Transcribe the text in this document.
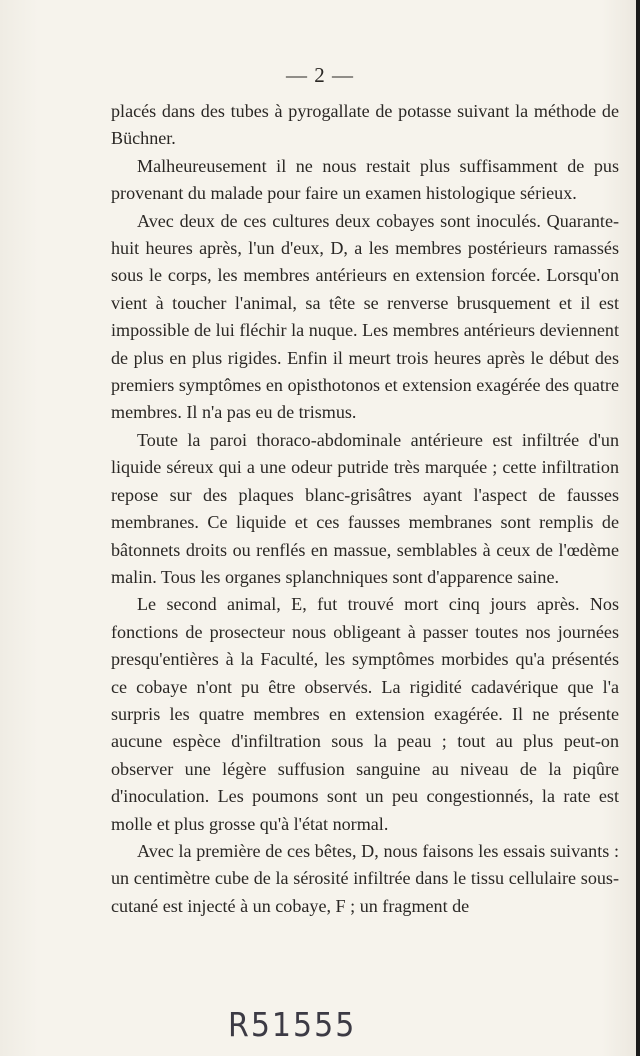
— 2 —

placés dans des tubes à pyrogallate de potasse suivant la méthode de Büchner.

Malheureusement il ne nous restait plus suffisamment de pus provenant du malade pour faire un examen histologique sérieux.

Avec deux de ces cultures deux cobayes sont inoculés. Quarante-huit heures après, l'un d'eux, D, a les membres postérieurs ramassés sous le corps, les membres antérieurs en extension forcée. Lorsqu'on vient à toucher l'animal, sa tête se renverse brusquement et il est impossible de lui fléchir la nuque. Les membres antérieurs deviennent de plus en plus rigides. Enfin il meurt trois heures après le début des premiers symptômes en opisthotonos et extension exagérée des quatre membres. Il n'a pas eu de trismus.

Toute la paroi thoraco-abdominale antérieure est infiltrée d'un liquide séreux qui a une odeur putride très marquée ; cette infiltration repose sur des plaques blanc-grisâtres ayant l'aspect de fausses membranes. Ce liquide et ces fausses membranes sont remplis de bâtonnets droits ou renflés en massue, semblables à ceux de l'œdème malin. Tous les organes splanchniques sont d'apparence saine.

Le second animal, E, fut trouvé mort cinq jours après. Nos fonctions de prosecteur nous obligeant à passer toutes nos journées presqu'entières à la Faculté, les symptômes morbides qu'a présentés ce cobaye n'ont pu être observés. La rigidité cadavérique que l'a surpris les quatre membres en extension exagérée. Il ne présente aucune espèce d'infiltration sous la peau ; tout au plus peut-on observer une légère suffusion sanguine au niveau de la piqûre d'inoculation. Les poumons sont un peu congestionnés, la rate est molle et plus grosse qu'à l'état normal.

Avec la première de ces bêtes, D, nous faisons les essais suivants : un centimètre cube de la sérosité infiltrée dans le tissu cellulaire sous-cutané est injecté à un cobaye, F ; un fragment de

R51555
